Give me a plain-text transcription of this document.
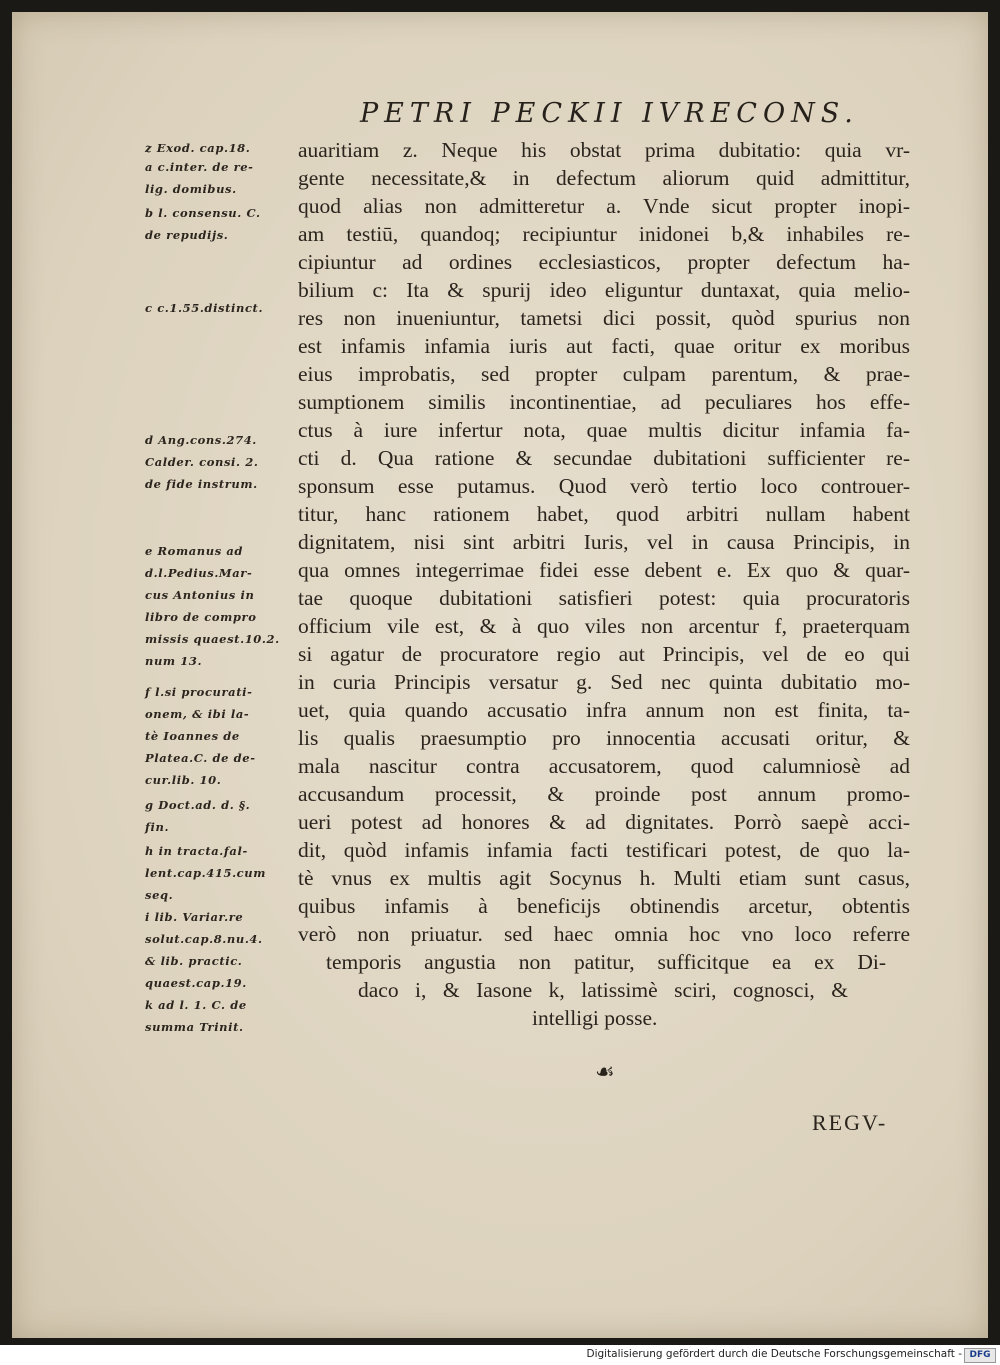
PETRI PECKII IVRECONS.
z Exod. cap.18.
a c.inter. de re-
lig. domibus.
b l. consensu. C.
de repudijs.
c c.1.55.distinct.
d Ang.cons.274.
Calder. consi. 2.
de fide instrum.
e Romanus ad
d.l.Pedius.Mar-
cus Antonius in
libro de compro
missis quaest.10.2.
num 13.
f l.si procurati-
onem, & ibi la-
tè Ioannes de
Platea.C. de de-
cur.lib. 10.
g Doct.ad. d. §.
fin.
h in tracta.fal-
lent.cap.415.cum
seq.
i lib. Variar.re
solut.cap.8.nu.4.
& lib. practic.
quaest.cap.19.
k ad l. 1. C. de
summa Trinit.
auaritiam z. Neque his obstat prima dubitatio: quia vr-
gente necessitate,& in defectum aliorum quid admittitur,
quod alias non admitteretur a. Vnde sicut propter inopi-
am testiū, quandoq; recipiuntur inidonei b,& inhabiles re-
cipiuntur ad ordines ecclesiasticos, propter defectum ha-
bilium c: Ita & spurij ideo eliguntur duntaxat, quia melio-
res non inueniuntur, tametsi dici possit, quòd spurius non
est infamis infamia iuris aut facti, quae oritur ex moribus
eius improbatis, sed propter culpam parentum, & prae-
sumptionem similis incontinentiae, ad peculiares hos effe-
ctus à iure infertur nota, quae multis dicitur infamia fa-
cti d. Qua ratione & secundae dubitationi sufficienter re-
sponsum esse putamus. Quod verò tertio loco controuer-
titur, hanc rationem habet, quod arbitri nullam habent
dignitatem, nisi sint arbitri Iuris, vel in causa Principis, in
qua omnes integerrimae fidei esse debent e. Ex quo & quar-
tae quoque dubitationi satisfieri potest: quia procuratoris
officium vile est, & à quo viles non arcentur f, praeterquam
si agatur de procuratore regio aut Principis, vel de eo qui
in curia Principis versatur g. Sed nec quinta dubitatio mo-
uet, quia quando accusatio infra annum non est finita, ta-
lis qualis praesumptio pro innocentia accusati oritur, &
mala nascitur contra accusatorem, quod calumniosè ad
accusandum processit, & proinde post annum promo-
ueri potest ad honores & ad dignitates. Porrò saepè acci-
dit, quòd infamis infamia facti testificari potest, de quo la-
tè vnus ex multis agit Socynus h. Multi etiam sunt casus,
quibus infamis à beneficijs obtinendis arcetur, obtentis
verò non priuatur. sed haec omnia hoc vno loco referre
temporis angustia non patitur, sufficitque ea ex Di-
daco i, & Iasone k, latissimè sciri, cognosci, &
intelligi posse.
☙
REGV-
Digitalisierung gefördert durch die Deutsche Forschungsgemeinschaft - DFG
